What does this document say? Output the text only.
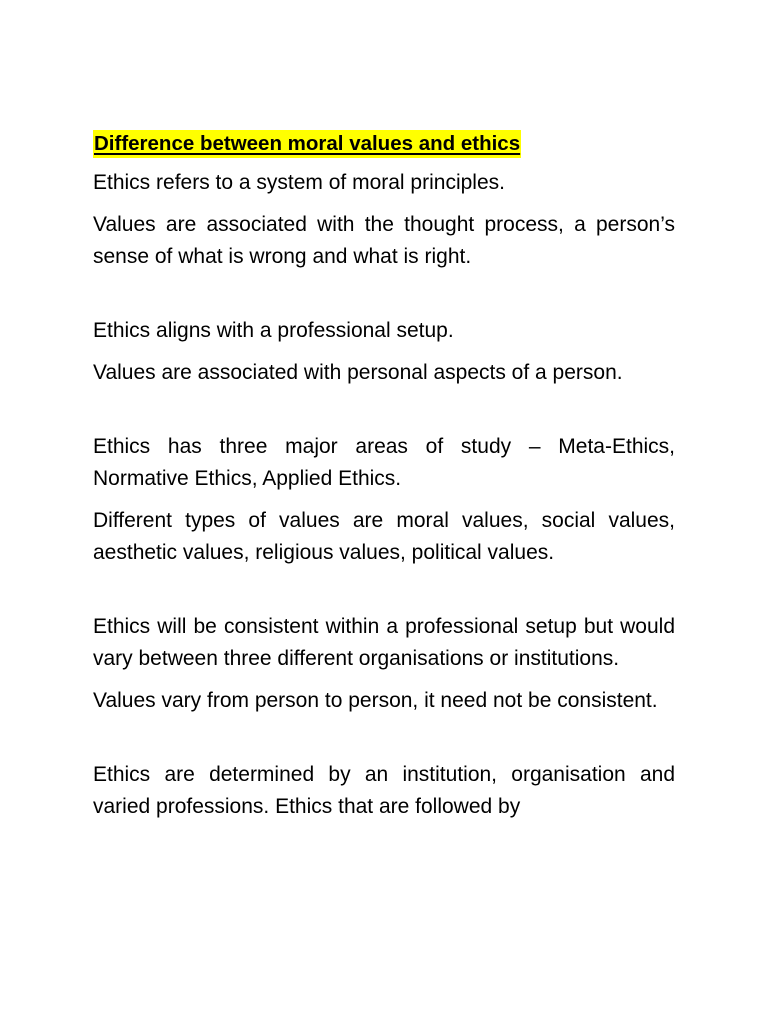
Difference between moral values and ethics

Ethics refers to a system of moral principles.

Values are associated with the thought process, a person’s sense of what is wrong and what is right.

Ethics aligns with a professional setup.

Values are associated with personal aspects of a person.

Ethics has three major areas of study – Meta-Ethics, Normative Ethics, Applied Ethics.

Different types of values are moral values, social values, aesthetic values, religious values, political values.

Ethics will be consistent within a professional setup but would vary between three different organisations or institutions.

Values vary from person to person, it need not be consistent.

Ethics are determined by an institution, organisation and varied professions. Ethics that are followed by
